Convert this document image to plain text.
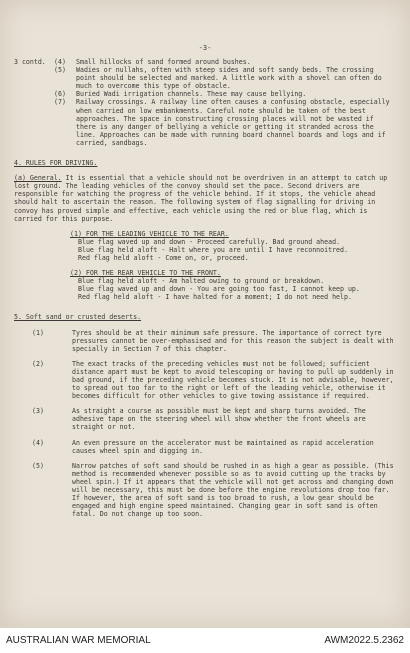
-3-
3 contd.	(4)	Small hillocks of sand formed around bushes.
(5)	Wadies or nullahs, often with steep sides and soft sandy beds. The crossing point should be selected and marked. A little work with a shovel can often do much to overcome this type of obstacle.
(6)	Buried Wadi irrigation channels. These may cause bellying.
(7)	Railway crossings. A railway line often causes a confusing obstacle, especially when carried on low embankments. Careful note should be taken of the best approaches. The space in constructing crossing places will not be wasted if there is any danger of bellying a vehicle or getting it stranded across the line. Approaches can be made with running board channel boards and logs and if carried, sandbags.
4. RULES FOR DRIVING.
(a) General. It is essential that a vehicle should not be overdriven in an attempt to catch up lost ground. The leading vehicles of the convoy should set the pace. Second drivers are responsible for watching the progress of the vehicle behind. If it stops, the vehicle ahead should halt to ascertain the reason. The following system of flag signalling for driving in convoy has proved simple and effective, each vehicle using the red or blue flag, which is carried for this purpose.
(1) FOR THE LEADING VEHICLE TO THE REAR.
Blue flag waved up and down - Proceed carefully. Bad ground ahead.
Blue flag held aloft - Halt where you are until I have reconnoitred.
Red flag held aloft - Come on, or, proceed.
(2) FOR THE REAR VEHICLE TO THE FRONT.
Blue flag held aloft - Am halted owing to ground or breakdown.
Blue flag waved up and down - You are going too fast, I cannot keep up.
Red flag held aloft - I have halted for a moment; I do not need help.
5. Soft sand or crusted deserts.
(1)	Tyres should be at their minimum safe pressure. The importance of correct tyre pressures cannot be over-emphasised and for this reason the subject is dealt with specially in Section 7 of this chapter.
(2)	The exact tracks of the preceding vehicles must not be followed; sufficient distance apart must be kept to avoid telescoping or having to pull up suddenly in bad ground, if the preceding vehicle becomes stuck. It is not advisable, however, to spread out too far to the right or left of the leading vehicle, otherwise it becomes difficult for other vehicles to give towing assistance if required.
(3)	As straight a course as possible must be kept and sharp turns avoided. The adhesive tape on the steering wheel will show whether the front wheels are straight or not.
(4)	An even pressure on the accelerator must be maintained as rapid acceleration causes wheel spin and digging in.
(5)	Narrow patches of soft sand should be rushed in as high a gear as possible. (This method is recommended whenever possible so as to avoid cutting up the tracks by wheel spin.) If it appears that the vehicle will not get across and changing down will be necessary, this must be done before the engine revolutions drop too far. If however, the area of soft sand is too broad to rush, a low gear should be engaged and high engine speed maintained. Changing gear in soft sand is often fatal. Do not change up too soon.
AUSTRALIAN WAR MEMORIAL	AWM2022.5.2362
